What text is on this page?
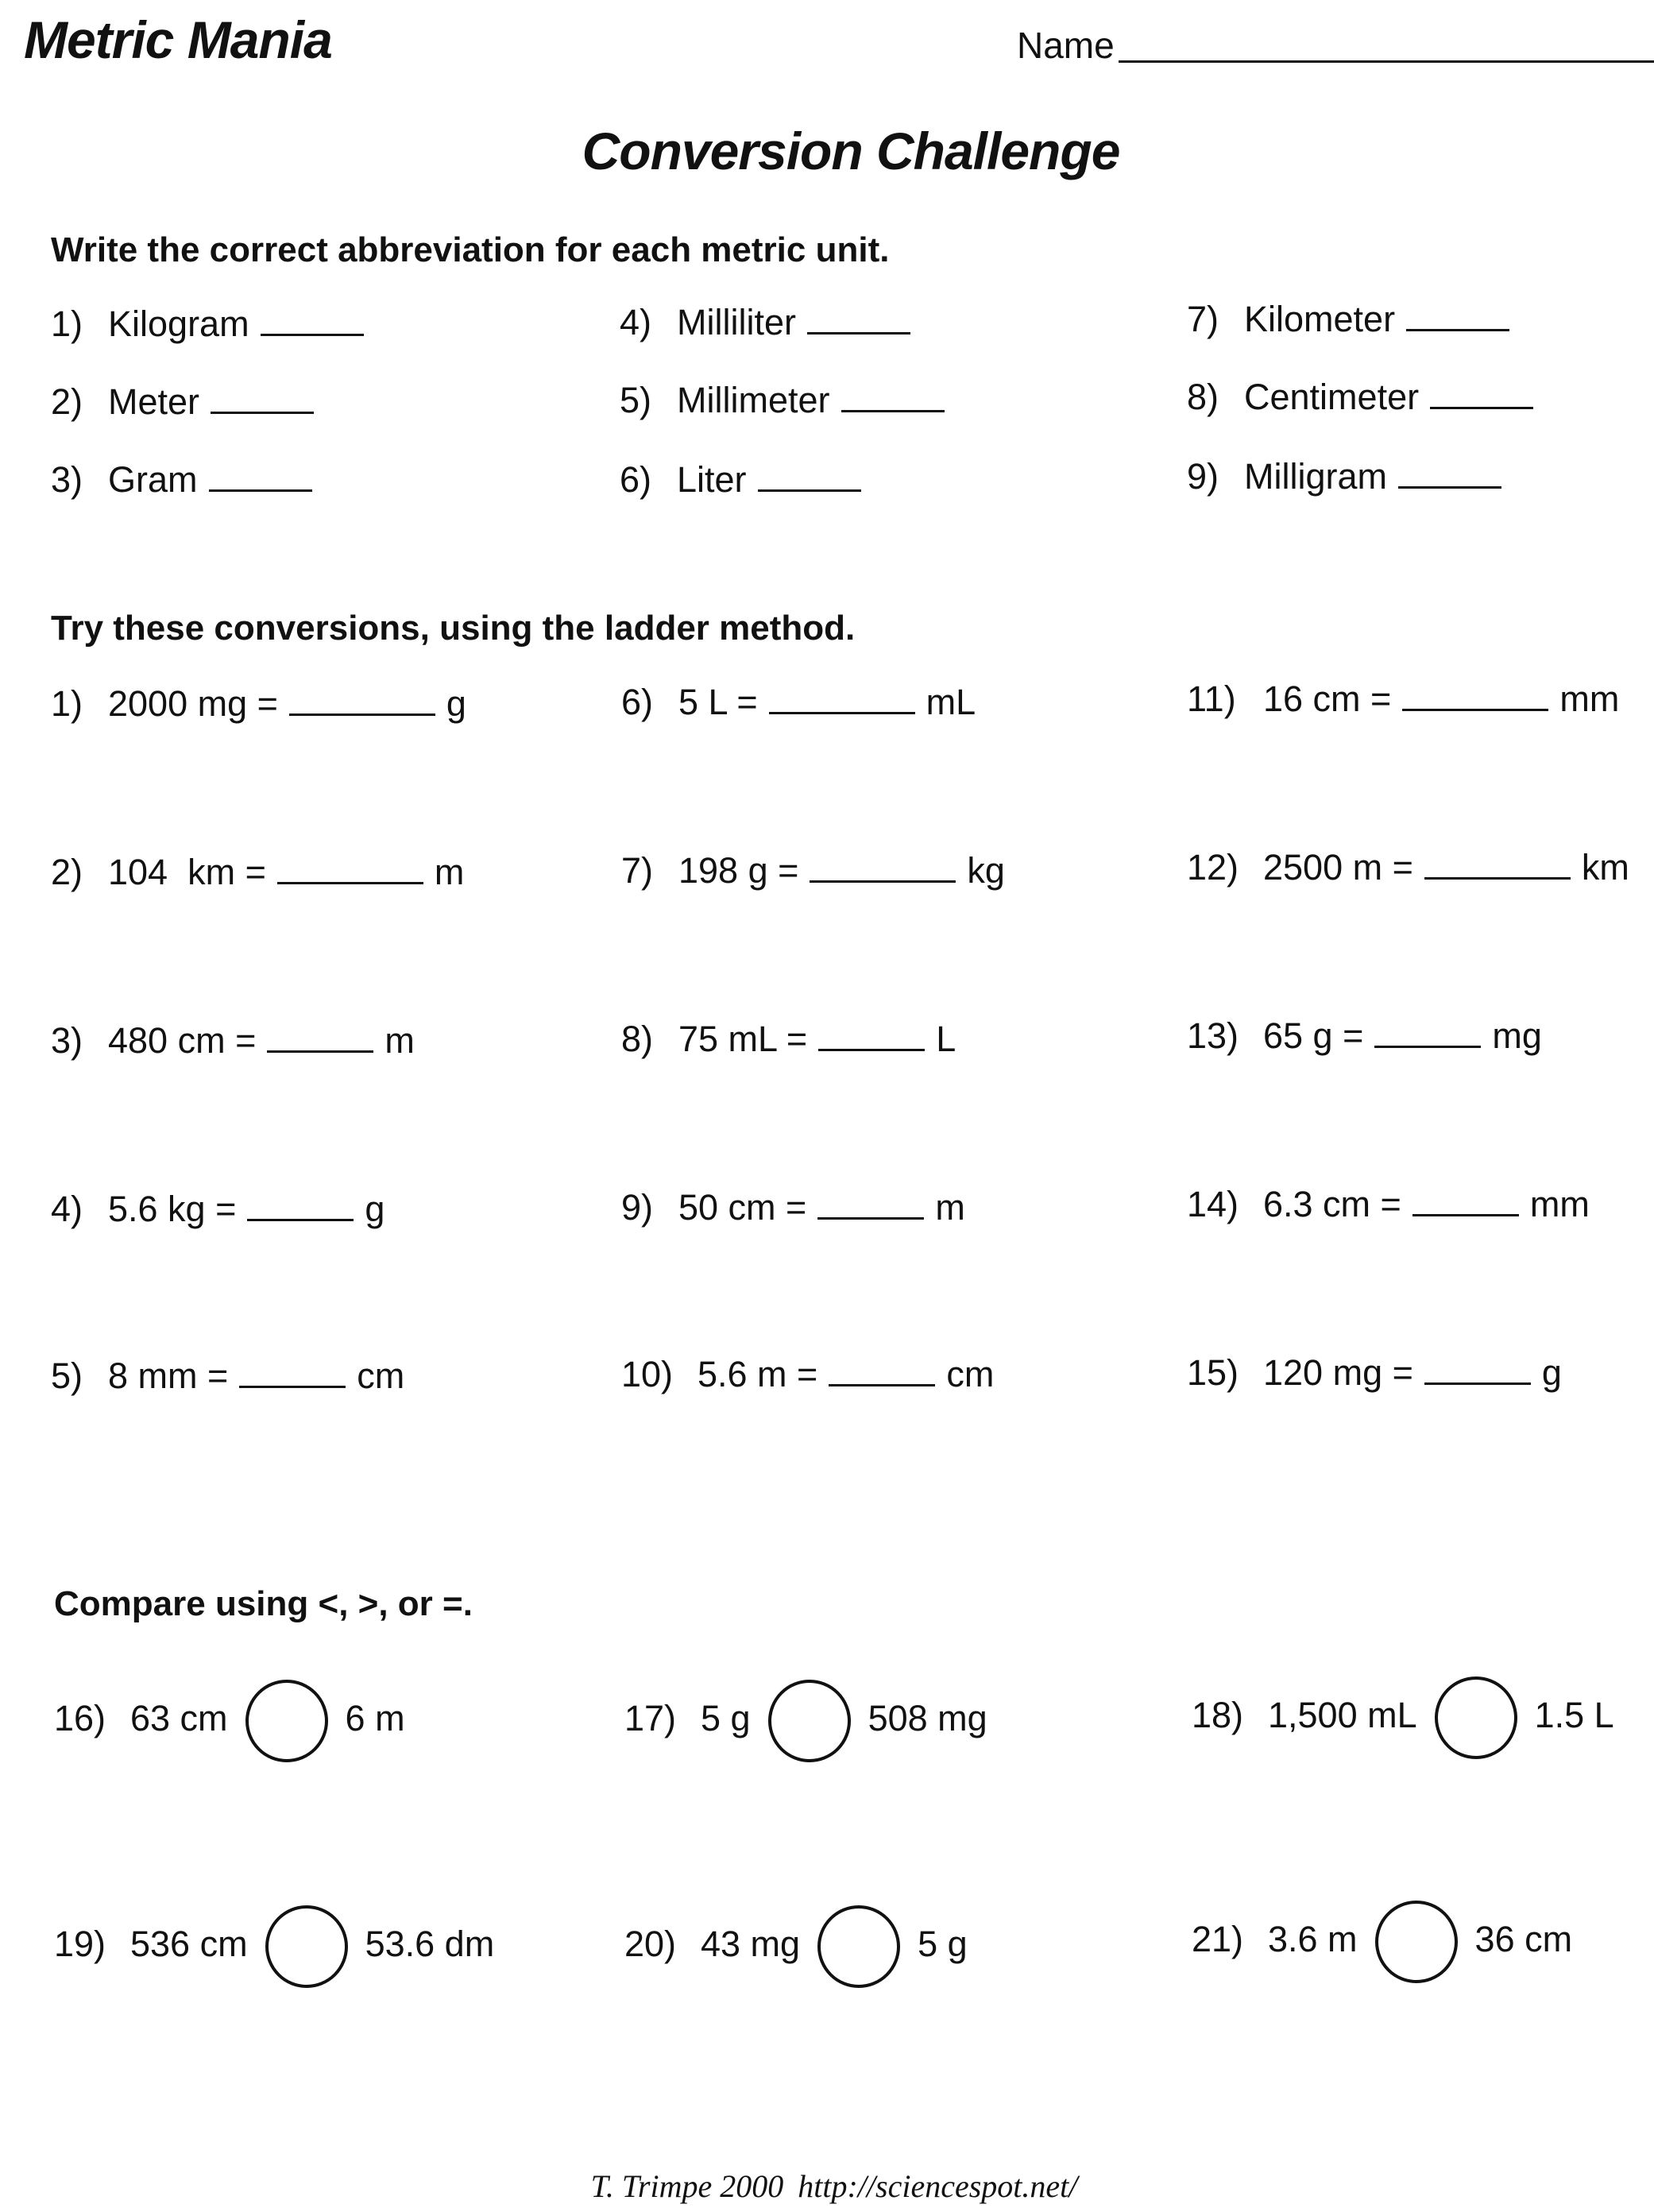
Metric Mania	Name
Conversion Challenge
Write the correct abbreviation for each metric unit.
1) Kilogram
2) Meter
3) Gram
4) Milliliter
5) Millimeter
6) Liter
7) Kilometer
8) Centimeter
9) Milligram
Try these conversions, using the ladder method.
1) 2000 mg =	g
2) 104  km =	m
3) 480 cm =	m
4) 5.6 kg =	g
5) 8 mm =	cm
6) 5 L =	mL
7) 198 g =	kg
8) 75 mL =	L
9) 50 cm =	m
10) 5.6 m =	cm
11) 16 cm =	mm
12) 2500 m =	km
13) 65 g =	mg
14) 6.3 cm =	mm
15) 120 mg =	g
Compare using <, >, or =.
16) 63 cm	6 m	17) 5 g	508 mg	18) 1,500 mL	1.5 L
19) 536 cm	53.6 dm	20) 43 mg	5 g	21) 3.6 m	36 cm
T. Trimpe 2000 http://sciencespot.net/
